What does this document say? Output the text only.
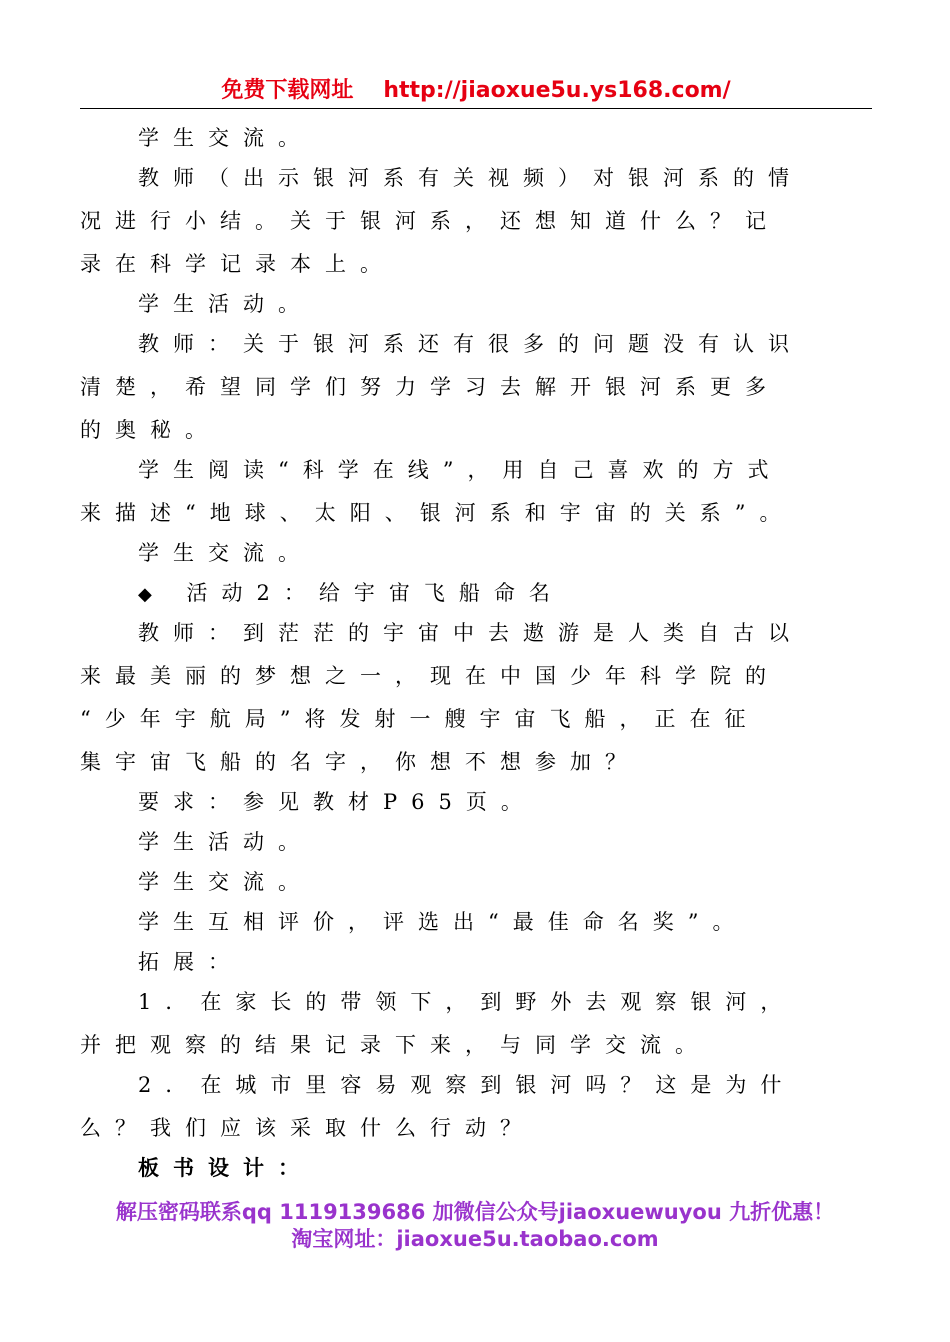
免费下载网址 http://jiaoxue5u.ys168.com/
学生交流。
教师（出示银河系有关视频）对银河系的情
况进行小结。关于银河系，还想知道什么？记
录在科学记录本上。
学生活动。
教师：关于银河系还有很多的问题没有认识
清楚，希望同学们努力学习去解开银河系更多
的奥秘。
学生阅读“科学在线”，用自己喜欢的方式
来描述“地球、太阳、银河系和宇宙的关系”。
学生交流。
◆ 活动2：给宇宙飞船命名
教师：到茫茫的宇宙中去遨游是人类自古以
来最美丽的梦想之一，现在中国少年科学院的
“少年宇航局”将发射一艘宇宙飞船，正在征
集宇宙飞船的名字，你想不想参加？
要求：参见教材P65页。
学生活动。
学生交流。
学生互相评价，评选出“最佳命名奖”。
拓展：
1．在家长的带领下，到野外去观察银河，
并把观察的结果记录下来，与同学交流。
2．在城市里容易观察到银河吗？这是为什
么？我们应该采取什么行动？
板书设计：
解压密码联系qq 1119139686 加微信公众号jiaoxuewuyou 九折优惠！
淘宝网址：jiaoxue5u.taobao.com
